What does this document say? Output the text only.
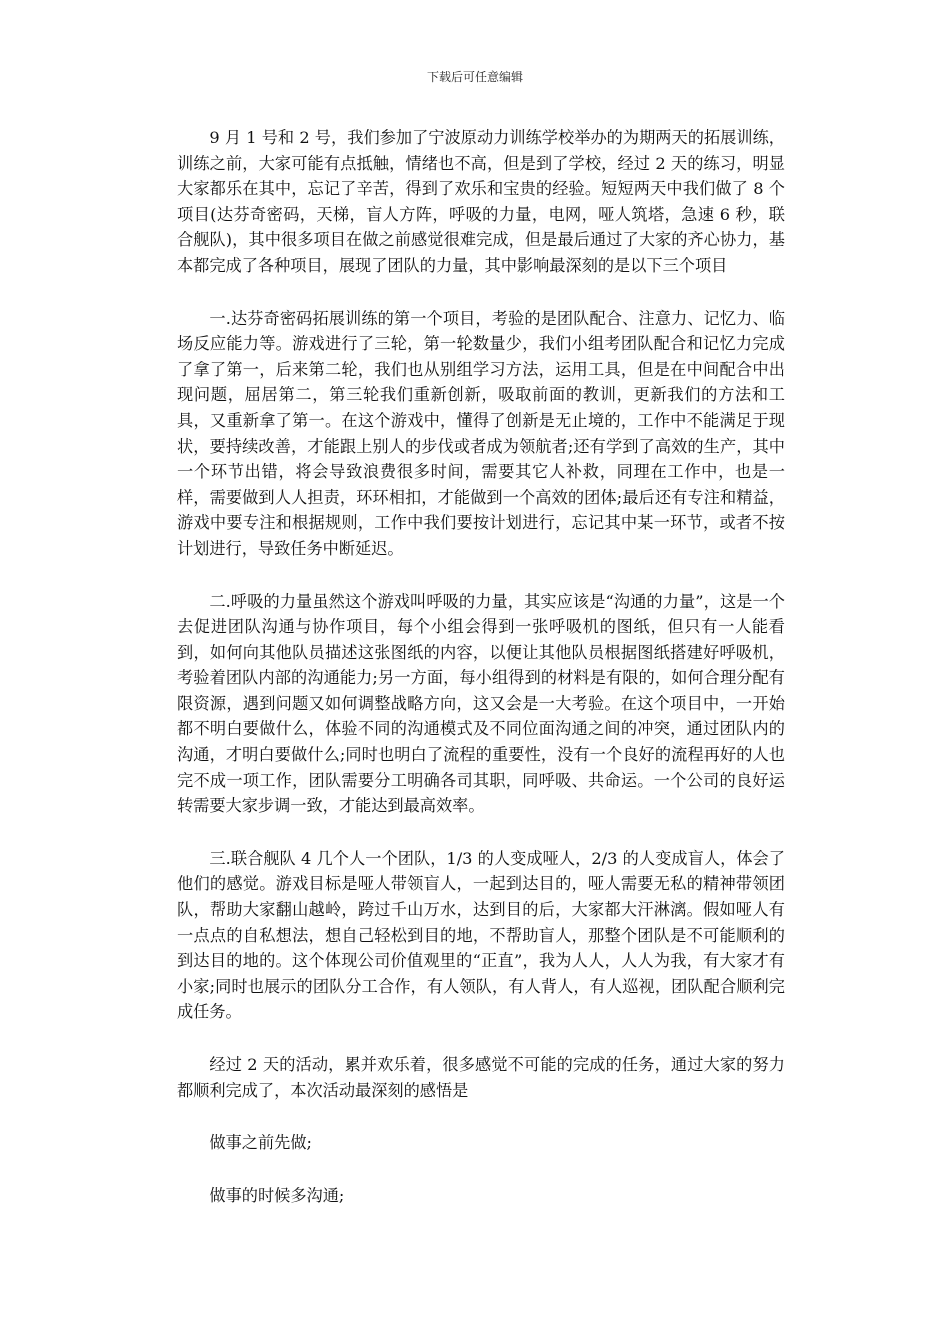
下载后可任意编辑

9 月 1 号和 2 号，我们参加了宁波原动力训练学校举办的为期两天的拓展训练，训练之前，大家可能有点抵触，情绪也不高，但是到了学校，经过 2 天的练习，明显大家都乐在其中，忘记了辛苦，得到了欢乐和宝贵的经验。短短两天中我们做了 8 个项目(达芬奇密码，天梯，盲人方阵，呼吸的力量，电网，哑人筑塔，急速 6 秒，联合舰队)，其中很多项目在做之前感觉很难完成，但是最后通过了大家的齐心协力，基本都完成了各种项目，展现了团队的力量，其中影响最深刻的是以下三个项目

一.达芬奇密码拓展训练的第一个项目，考验的是团队配合、注意力、记忆力、临场反应能力等。游戏进行了三轮，第一轮数量少，我们小组考团队配合和记忆力完成了拿了第一，后来第二轮，我们也从别组学习方法，运用工具，但是在中间配合中出现问题，屈居第二，第三轮我们重新创新，吸取前面的教训，更新我们的方法和工具，又重新拿了第一。在这个游戏中，懂得了创新是无止境的，工作中不能满足于现状，要持续改善，才能跟上别人的步伐或者成为领航者;还有学到了高效的生产，其中一个环节出错，将会导致浪费很多时间，需要其它人补救，同理在工作中，也是一样，需要做到人人担责，环环相扣，才能做到一个高效的团体;最后还有专注和精益，游戏中要专注和根据规则，工作中我们要按计划进行，忘记其中某一环节，或者不按计划进行，导致任务中断延迟。

二.呼吸的力量虽然这个游戏叫呼吸的力量，其实应该是“沟通的力量”，这是一个去促进团队沟通与协作项目，每个小组会得到一张呼吸机的图纸，但只有一人能看到，如何向其他队员描述这张图纸的内容，以便让其他队员根据图纸搭建好呼吸机，考验着团队内部的沟通能力;另一方面，每小组得到的材料是有限的，如何合理分配有限资源，遇到问题又如何调整战略方向，这又会是一大考验。在这个项目中，一开始都不明白要做什么，体验不同的沟通模式及不同位面沟通之间的冲突，通过团队内的沟通，才明白要做什么;同时也明白了流程的重要性，没有一个良好的流程再好的人也完不成一项工作，团队需要分工明确各司其职，同呼吸、共命运。一个公司的良好运转需要大家步调一致，才能达到最高效率。

三.联合舰队 4 几个人一个团队，1/3 的人变成哑人，2/3 的人变成盲人，体会了他们的感觉。游戏目标是哑人带领盲人，一起到达目的，哑人需要无私的精神带领团队，帮助大家翻山越岭，跨过千山万水，达到目的后，大家都大汗淋漓。假如哑人有一点点的自私想法，想自己轻松到目的地，不帮助盲人，那整个团队是不可能顺利的到达目的地的。这个体现公司价值观里的“正直”，我为人人，人人为我，有大家才有小家;同时也展示的团队分工合作，有人领队，有人背人，有人巡视，团队配合顺利完成任务。

经过 2 天的活动，累并欢乐着，很多感觉不可能的完成的任务，通过大家的努力都顺利完成了，本次活动最深刻的感悟是

做事之前先做;

做事的时候多沟通;
